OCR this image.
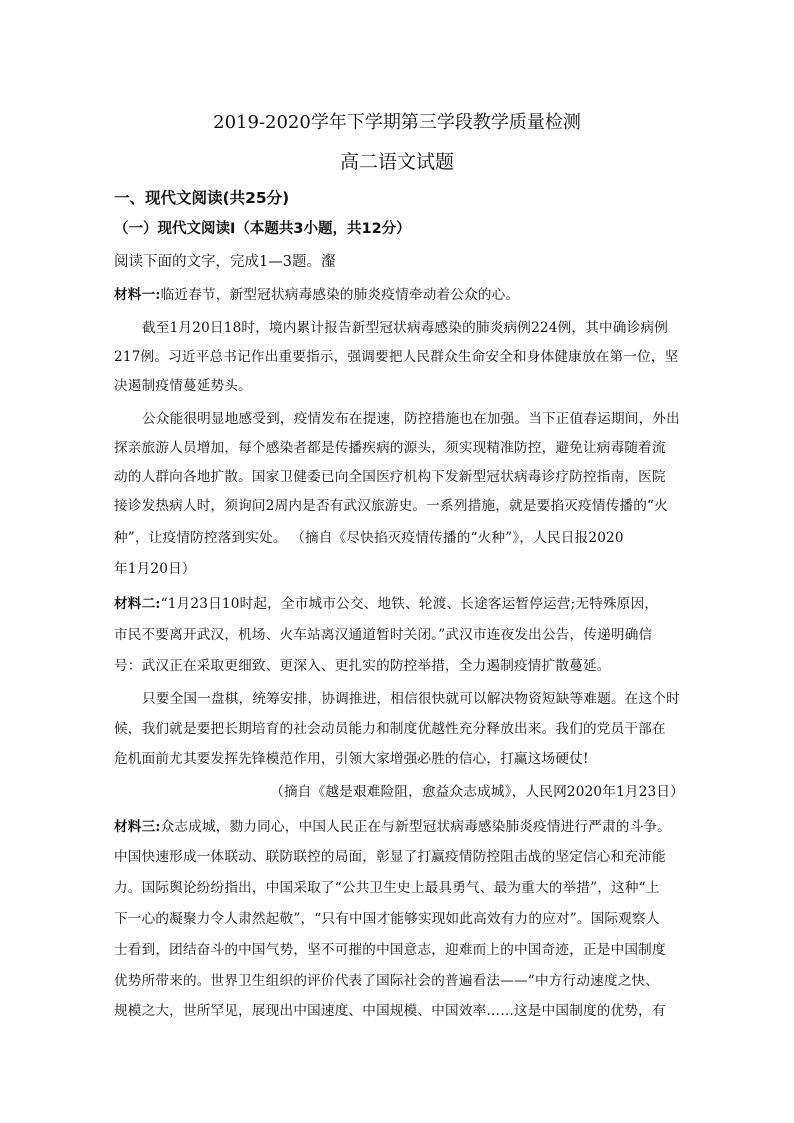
2019-2020学年下学期第三学段教学质量检测
高二语文试题
一、现代文阅读(共25分)
（一）现代文阅读Ⅰ（本题共3小题，共12分）
阅读下面的文字，完成1—3题。瀣
材料一:临近春节，新型冠状病毒感染的肺炎疫情牵动着公众的心。
截至1月20日18时，境内累计报告新型冠状病毒感染的肺炎病例224例，其中确诊病例
217例。习近平总书记作出重要指示，强调要把人民群众生命安全和身体健康放在第一位，坚
决遏制疫情蔓延势头。
公众能很明显地感受到，疫情发布在提速，防控措施也在加强。当下正值春运期间，外出
探亲旅游人员增加，每个感染者都是传播疾病的源头，须实现精准防控，避免让病毒随着流
动的人群向各地扩散。国家卫健委已向全国医疗机构下发新型冠状病毒诊疗防控指南，医院
接诊发热病人时，须询问2周内是否有武汉旅游史。一系列措施，就是要掐灭疫情传播的“火
种”，让疫情防控落到实处。 （摘自《尽快掐灭疫情传播的“火种”》，人民日报2020
年1月20日）
材料二:“1月23日10时起，全市城市公交、地铁、轮渡、长途客运暂停运营;无特殊原因，
市民不要离开武汉，机场、火车站离汉通道暂时关闭。”武汉市连夜发出公告，传递明确信
号：武汉正在采取更细致、更深入、更扎实的防控举措，全力遏制疫情扩散蔓延。
只要全国一盘棋，统筹安排，协调推进，相信很快就可以解决物资短缺等难题。在这个时
候，我们就是要把长期培育的社会动员能力和制度优越性充分释放出来。我们的党员干部在
危机面前尤其要发挥先锋模范作用，引领大家增强必胜的信心，打赢这场硬仗!
（摘自《越是艰难险阻，愈益众志成城》，人民网2020年1月23日）
材料三:众志成城，勠力同心，中国人民正在与新型冠状病毒感染肺炎疫情进行严肃的斗争。
中国快速形成一体联动、联防联控的局面，彰显了打赢疫情防控阻击战的坚定信心和充沛能
力。国际舆论纷纷指出，中国采取了“公共卫生史上最具勇气、最为重大的举措”，这种“上
下一心的凝聚力令人肃然起敬”，“只有中国才能够实现如此高效有力的应对”。国际观察人
士看到，团结奋斗的中国气势，坚不可摧的中国意志，迎难而上的中国奇迹，正是中国制度
优势所带来的。世界卫生组织的评价代表了国际社会的普遍看法——“中方行动速度之快、
规模之大，世所罕见，展现出中国速度、中国规模、中国效率……这是中国制度的优势，有
